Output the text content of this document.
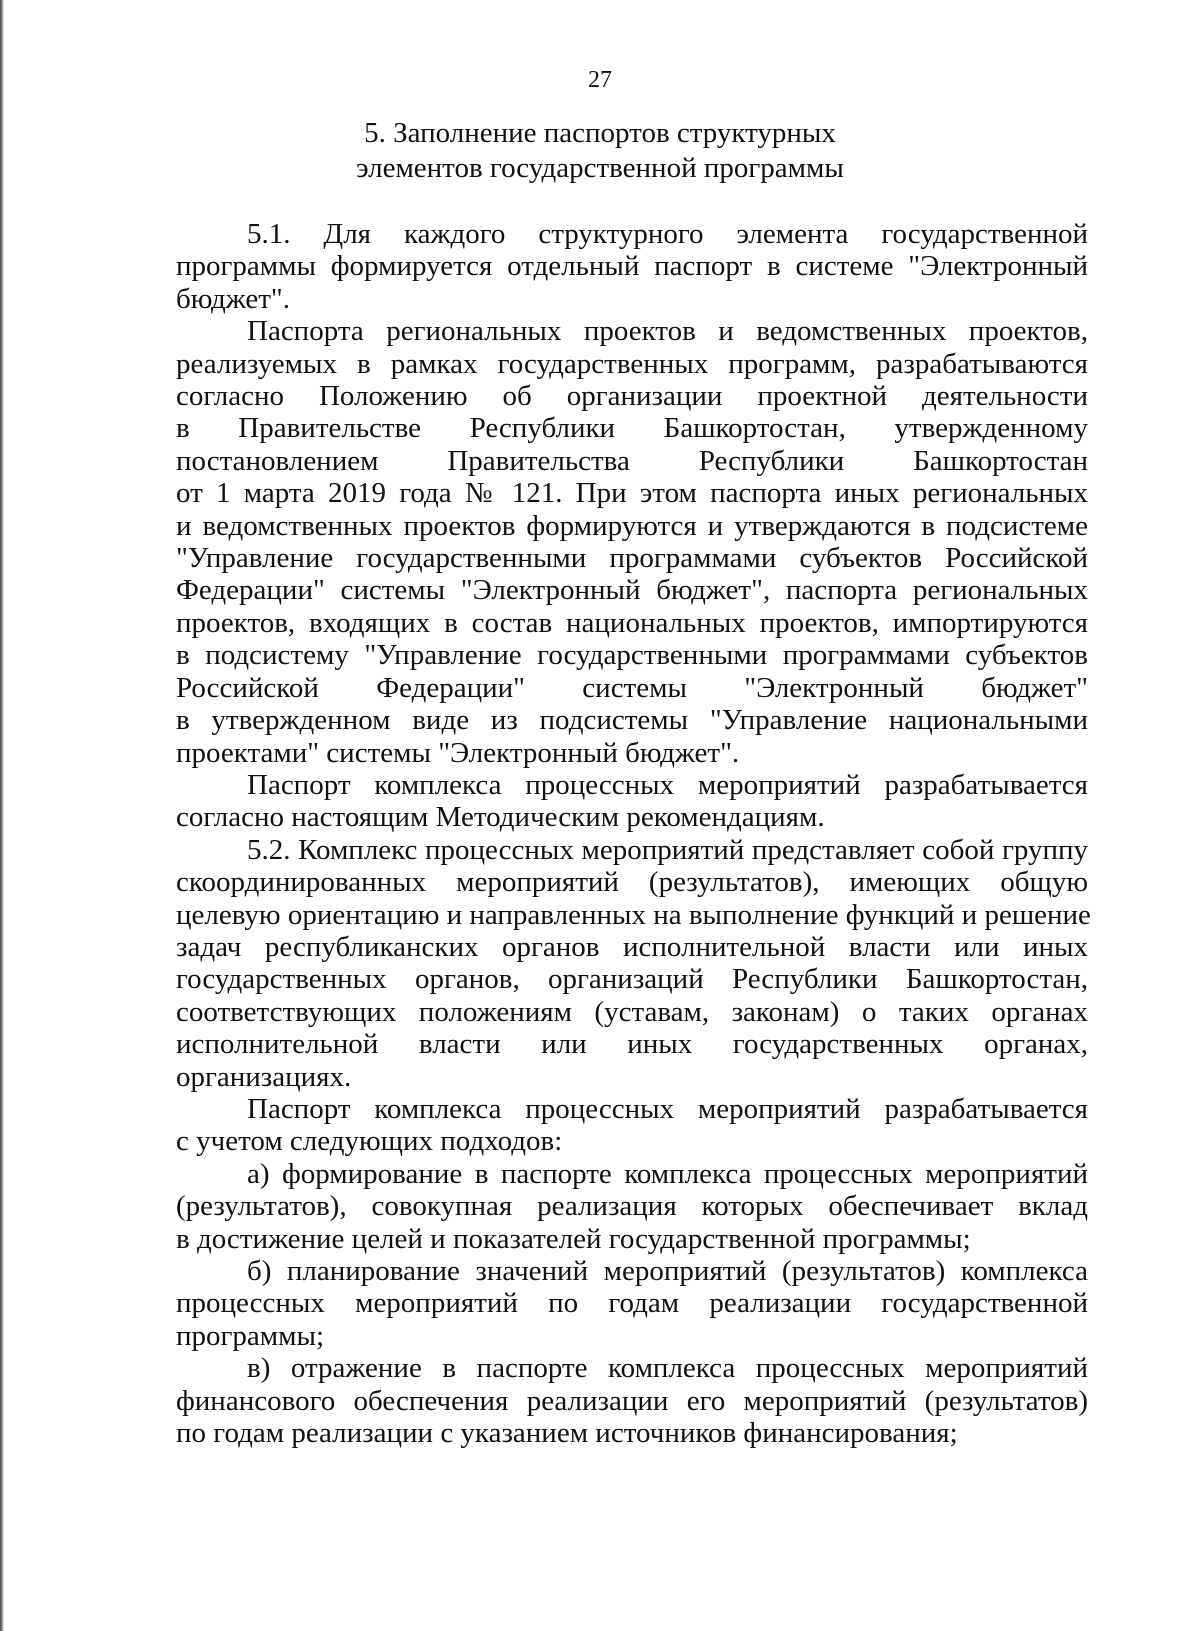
27
5. Заполнение паспортов структурных
элементов государственной программы
5.1. Для каждого структурного элемента государственной
программы формируется отдельный паспорт в системе "Электронный
бюджет".
Паспорта региональных проектов и ведомственных проектов,
реализуемых в рамках государственных программ, разрабатываются
согласно Положению об организации проектной деятельности
в Правительстве Республики Башкортостан, утвержденному
постановлением Правительства Республики Башкортостан
от 1 марта 2019 года № 121. При этом паспорта иных региональных
и ведомственных проектов формируются и утверждаются в подсистеме
"Управление государственными программами субъектов Российской
Федерации" системы "Электронный бюджет", паспорта региональных
проектов, входящих в состав национальных проектов, импортируются
в подсистему "Управление государственными программами субъектов
Российской Федерации" системы "Электронный бюджет"
в утвержденном виде из подсистемы "Управление национальными
проектами" системы "Электронный бюджет".
Паспорт комплекса процессных мероприятий разрабатывается
согласно настоящим Методическим рекомендациям.
5.2. Комплекс процессных мероприятий представляет собой группу
скоординированных мероприятий (результатов), имеющих общую
целевую ориентацию и направленных на выполнение функций и решение
задач республиканских органов исполнительной власти или иных
государственных органов, организаций Республики Башкортостан,
соответствующих положениям (уставам, законам) о таких органах
исполнительной власти или иных государственных органах,
организациях.
Паспорт комплекса процессных мероприятий разрабатывается
с учетом следующих подходов:
а) формирование в паспорте комплекса процессных мероприятий
(результатов), совокупная реализация которых обеспечивает вклад
в достижение целей и показателей государственной программы;
б) планирование значений мероприятий (результатов) комплекса
процессных мероприятий по годам реализации государственной
программы;
в) отражение в паспорте комплекса процессных мероприятий
финансового обеспечения реализации его мероприятий (результатов)
по годам реализации с указанием источников финансирования;
